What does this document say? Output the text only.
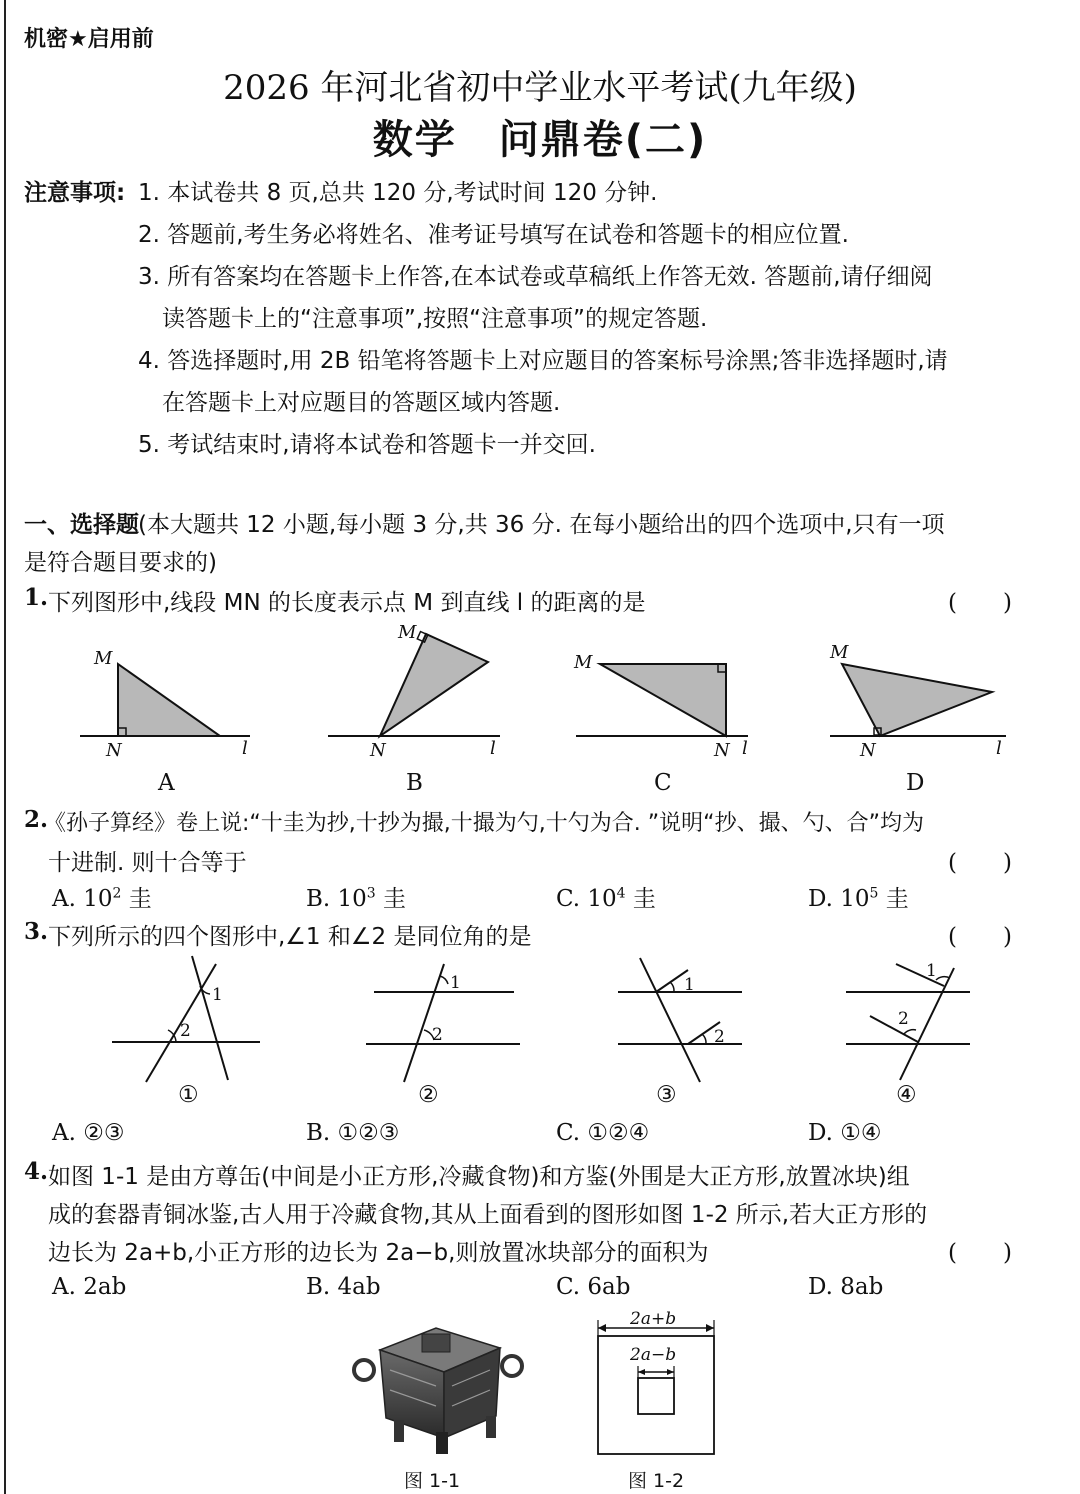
机密★启用前
2026 年河北省初中学业水平考试(九年级)
数学　问鼎卷(二)
注意事项: 1. 本试卷共 8 页,总共 120 分,考试时间 120 分钟.
2. 答题前,考生务必将姓名、准考证号填写在试卷和答题卡的相应位置.
3. 所有答案均在答题卡上作答,在本试卷或草稿纸上作答无效. 答题前,请仔细阅
读答题卡上的“注意事项”,按照“注意事项”的规定答题.
4. 答选择题时,用 2B 铅笔将答题卡上对应题目的答案标号涂黑;答非选择题时,请
在答题卡上对应题目的答题区域内答题.
5. 考试结束时,请将本试卷和答题卡一并交回.
一、选择题 (本大题共 12 小题,每小题 3 分,共 36 分. 在每小题给出的四个选项中,只有一项
是符合题目要求的)
1. 下列图形中,线段 MN 的长度表示点 M 到直线 l 的距离的是	(　　)
M
N	l
A
M
N	l
B
M
N l
C
M
N	l
D
2.
《孙子算经》卷上说:“十圭为抄,十抄为撮,十撮为勺,十勺为合. ”说明“抄、撮、勺、合”均为
十进制. 则十合等于	(　　)
A. $10^2$ 圭	B. $10^3$ 圭	C. $10^4$ 圭	D. $10^5$ 圭
3. 下列所示的四个图形中,∠1 和∠2 是同位角的是	(　　)
1
2
①
1
2
②
1
2
③
1
2
④
A. ②③	B. ①②③	C. ①②④	D. ①④
4. 如图 1-1 是由方尊缶(中间是小正方形,冷藏食物)和方鉴(外围是大正方形,放置冰块)组
成的套器青铜冰鉴,古人用于冷藏食物,其从上面看到的图形如图 1-2 所示,若大正方形的
边长为 2a+b,小正方形的边长为 2a−b,则放置冰块部分的面积为	(　　)
A. 2ab	B. 4ab	C. 6ab	D. 8ab
图 1-1
2a+b
2a−b
图 1-2
